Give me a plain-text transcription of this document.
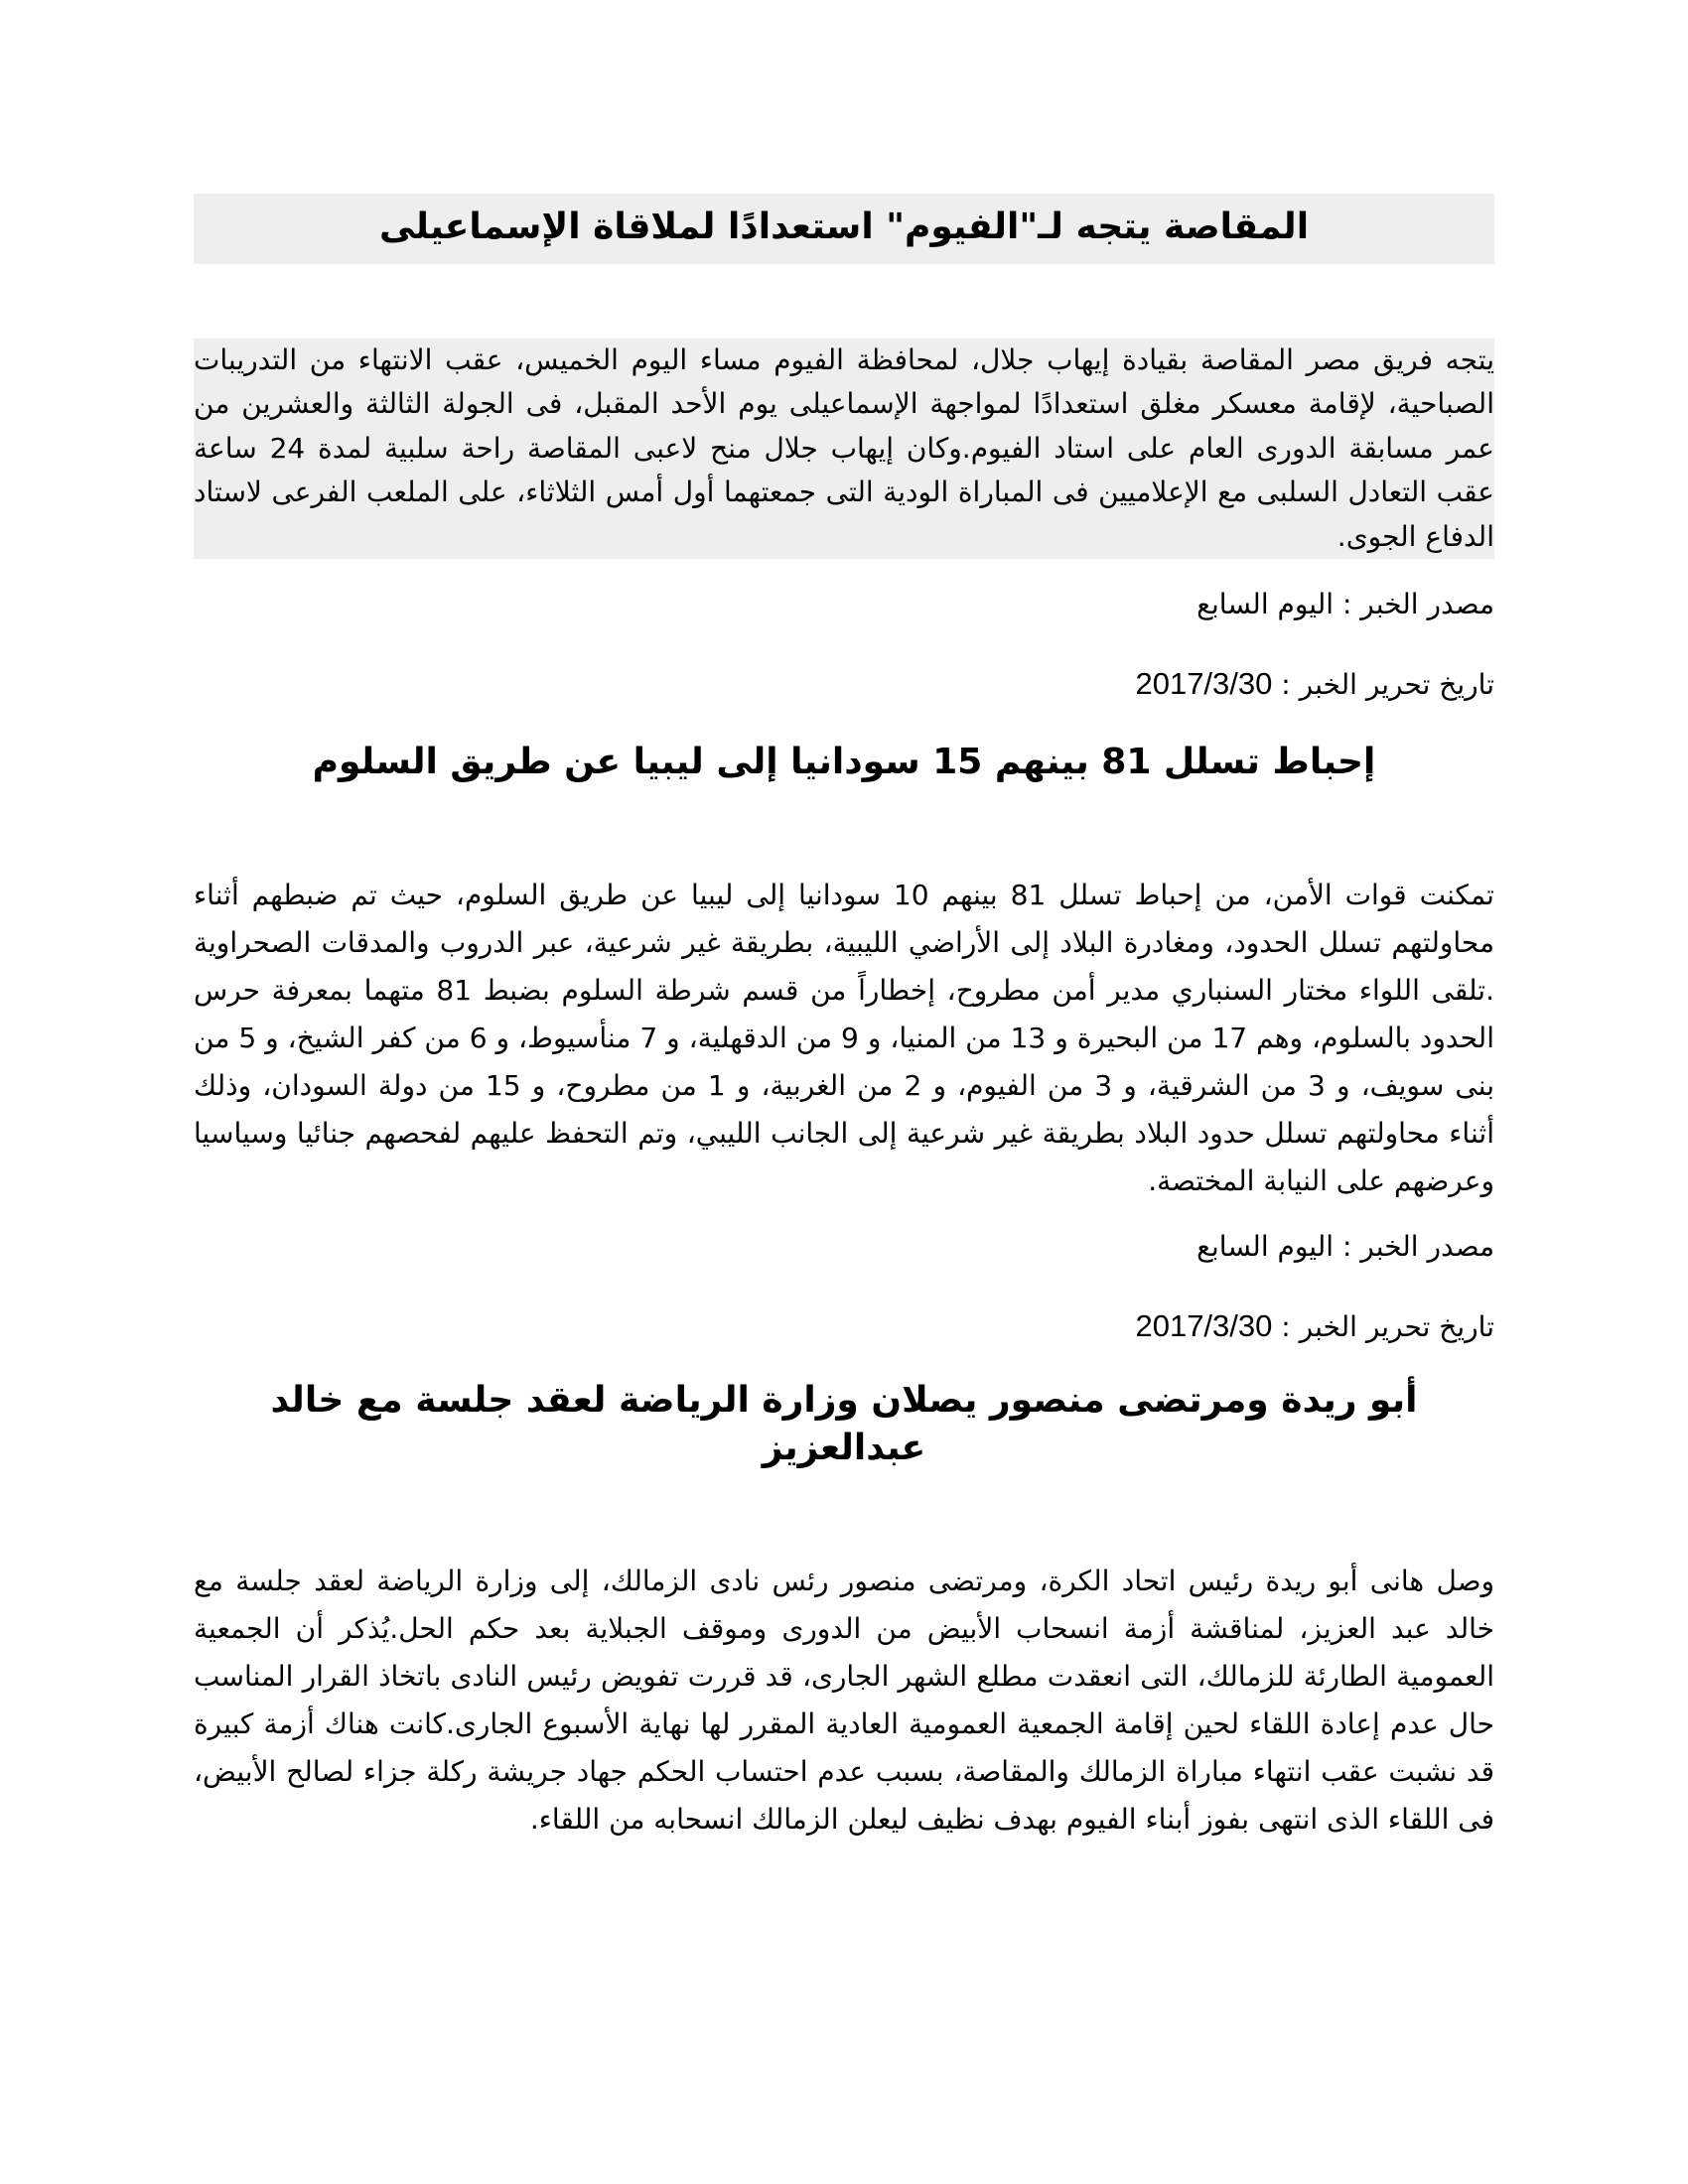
المقاصة يتجه لـ"الفيوم" استعدادًا لملاقاة الإسماعيلى

يتجه فريق مصر المقاصة بقيادة إيهاب جلال، لمحافظة الفيوم مساء اليوم الخميس، عقب الانتهاء من التدريبات الصباحية، لإقامة معسكر مغلق استعدادًا لمواجهة الإسماعيلى يوم الأحد المقبل، فى الجولة الثالثة والعشرين من عمر مسابقة الدورى العام على استاد الفيوم.وكان إيهاب جلال منح لاعبى المقاصة راحة سلبية لمدة 24 ساعة عقب التعادل السلبى مع الإعلاميين فى المباراة الودية التى جمعتهما أول أمس الثلاثاء، على الملعب الفرعى لاستاد الدفاع الجوى.

مصدر الخبر : اليوم السابع

تاريخ تحرير الخبر : 2017/3/30

إحباط تسلل 81 بينهم 15 سودانيا إلى ليبيا عن طريق السلوم

تمكنت قوات الأمن، من إحباط تسلل 81 بينهم 10 سودانيا إلى ليبيا عن طريق السلوم، حيث تم ضبطهم أثناء محاولتهم تسلل الحدود، ومغادرة البلاد إلى الأراضي الليبية، بطريقة غير شرعية، عبر الدروب والمدقات الصحراوية .تلقى اللواء مختار السنباري مدير أمن مطروح، إخطاراً من قسم شرطة السلوم بضبط 81 متهما بمعرفة حرس الحدود بالسلوم، وهم 17 من البحيرة و 13 من المنيا، و 9 من الدقهلية، و 7 منأسيوط، و 6 من كفر الشيخ، و 5 من بنى سويف، و 3 من الشرقية، و 3 من الفيوم، و 2 من الغربية، و 1 من مطروح، و 15 من دولة السودان، وذلك أثناء محاولتهم تسلل حدود البلاد بطريقة غير شرعية إلى الجانب الليبي، وتم التحفظ عليهم لفحصهم جنائيا وسياسيا وعرضهم على النيابة المختصة.

مصدر الخبر : اليوم السابع

تاريخ تحرير الخبر : 2017/3/30

أبو ريدة ومرتضى منصور يصلان وزارة الرياضة لعقد جلسة مع خالد عبدالعزيز

وصل هانى أبو ريدة رئيس اتحاد الكرة، ومرتضى منصور رئس نادى الزمالك، إلى وزارة الرياضة لعقد جلسة مع خالد عبد العزيز، لمناقشة أزمة انسحاب الأبيض من الدورى وموقف الجبلاية بعد حكم الحل.يُذكر أن الجمعية العمومية الطارئة للزمالك، التى انعقدت مطلع الشهر الجارى، قد قررت تفويض رئيس النادى باتخاذ القرار المناسب حال عدم إعادة اللقاء لحين إقامة الجمعية العمومية العادية المقرر لها نهاية الأسبوع الجارى.كانت هناك أزمة كبيرة قد نشبت عقب انتهاء مباراة الزمالك والمقاصة، بسبب عدم احتساب الحكم جهاد جريشة ركلة جزاء لصالح الأبيض، فى اللقاء الذى انتهى بفوز أبناء الفيوم بهدف نظيف ليعلن الزمالك انسحابه من اللقاء.
